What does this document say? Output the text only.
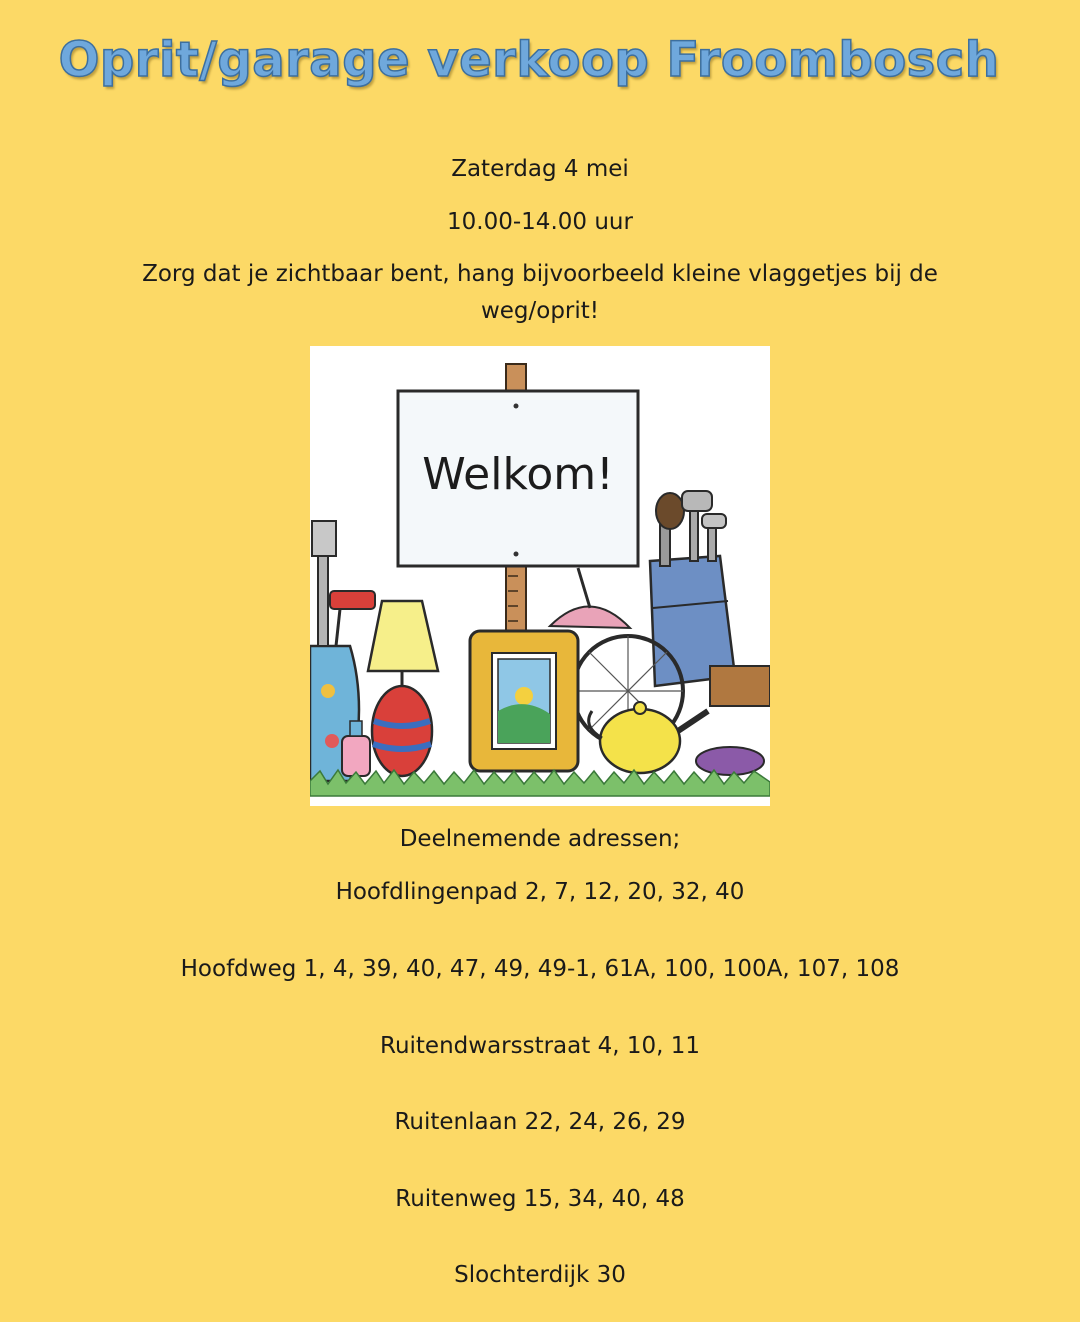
Oprit/garage verkoop Froombosch
Zaterdag 4 mei
10.00-14.00 uur
Zorg dat je zichtbaar bent, hang bijvoorbeeld kleine vlaggetjes bij de weg/oprit!
Welkom!
Deelnemende adressen;
Hoofdlingenpad 2, 7, 12, 20, 32, 40
Hoofdweg 1, 4, 39, 40, 47, 49, 49-1, 61A, 100, 100A, 107, 108
Ruitendwarsstraat 4, 10, 11
Ruitenlaan 22, 24, 26, 29
Ruitenweg 15, 34, 40, 48
Slochterdijk 30
